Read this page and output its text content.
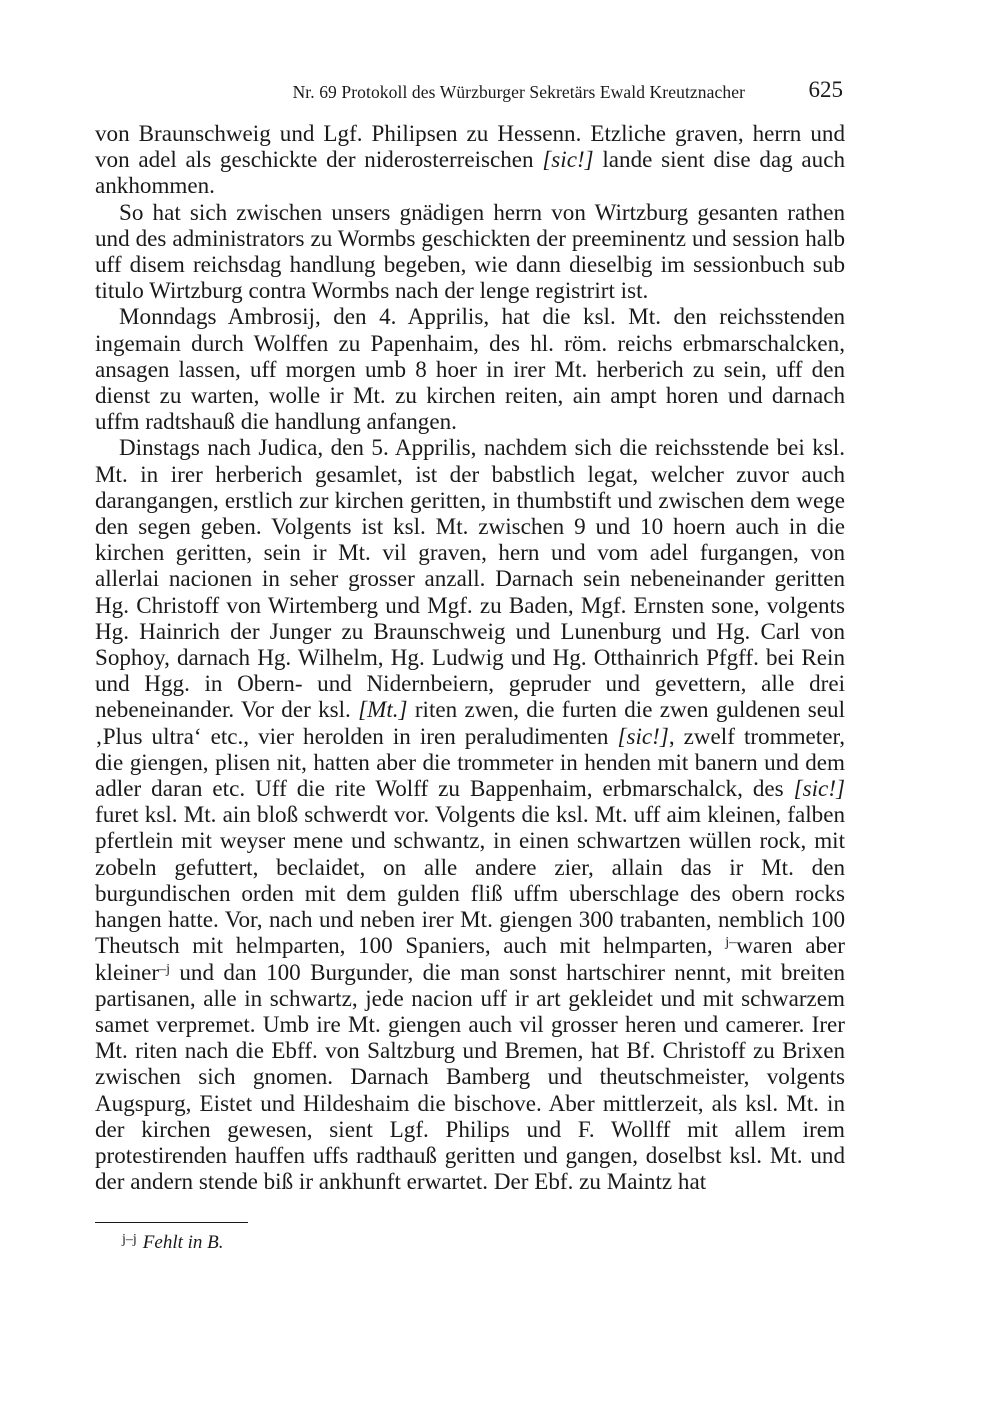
Nr. 69 Protokoll des Würzburger Sekretärs Ewald Kreutznacher	625

von Braunschweig und Lgf. Philipsen zu Hessenn. Etzliche graven, herrn und von adel als geschickte der niderosterreischen [sic!] lande sient dise dag auch ankhommen.

So hat sich zwischen unsers gnädigen herrn von Wirtzburg gesanten rathen und des administrators zu Wormbs geschickten der preeminentz und session halb uff disem reichsdag handlung begeben, wie dann dieselbig im sessionbuch sub titulo Wirtzburg contra Wormbs nach der lenge registrirt ist.

Monndags Ambrosij, den 4. Apprilis, hat die ksl. Mt. den reichsstenden ingemain durch Wolffen zu Papenhaim, des hl. röm. reichs erbmarschalcken, ansagen lassen, uff morgen umb 8 hoer in irer Mt. herberich zu sein, uff den dienst zu warten, wolle ir Mt. zu kirchen reiten, ain ampt horen und darnach uffm radtshauß die handlung anfangen.

Dinstags nach Judica, den 5. Apprilis, nachdem sich die reichsstende bei ksl. Mt. in irer herberich gesamlet, ist der babstlich legat, welcher zuvor auch darangangen, erstlich zur kirchen geritten, in thumbstift und zwischen dem wege den segen geben. Volgents ist ksl. Mt. zwischen 9 und 10 hoern auch in die kirchen geritten, sein ir Mt. vil graven, hern und vom adel furgangen, von allerlai nacionen in seher grosser anzall. Darnach sein nebeneinander geritten Hg. Christoff von Wirtemberg und Mgf. zu Baden, Mgf. Ernsten sone, volgents Hg. Hainrich der Junger zu Braunschweig und Lunenburg und Hg. Carl von Sophoy, darnach Hg. Wilhelm, Hg. Ludwig und Hg. Otthainrich Pfgff. bei Rein und Hgg. in Obern- und Nidernbeiern, gepruder und gevettern, alle drei nebeneinander. Vor der ksl. [Mt.] riten zwen, die furten die zwen guldenen seul ‚Plus ultra‘ etc., vier herolden in iren peraludimenten [sic!], zwelf trommeter, die giengen, plisen nit, hatten aber die trommeter in henden mit banern und dem adler daran etc. Uff die rite Wolff zu Bappenhaim, erbmarschalck, des [sic!] furet ksl. Mt. ain bloß schwerdt vor. Volgents die ksl. Mt. uff aim kleinen, falben pfertlein mit weyser mene und schwantz, in einen schwartzen wüllen rock, mit zobeln gefuttert, beclaidet, on alle andere zier, allain das ir Mt. den burgundischen orden mit dem gulden fliß uffm uberschlage des obern rocks hangen hatte. Vor, nach und neben irer Mt. giengen 300 trabanten, nemblich 100 Theutsch mit helmparten, 100 Spaniers, auch mit helmparten, $^{j-}$waren aber kleiner$^{-j}$ und dan 100 Burgunder, die man sonst hartschirer nennt, mit breiten partisanen, alle in schwartz, jede nacion uff ir art gekleidet und mit schwarzem samet verpremet. Umb ire Mt. giengen auch vil grosser heren und camerer. Irer Mt. riten nach die Ebff. von Saltzburg und Bremen, hat Bf. Christoff zu Brixen zwischen sich gnomen. Darnach Bamberg und theutschmeister, volgents Augspurg, Eistet und Hildeshaim die bischove. Aber mittlerzeit, als ksl. Mt. in der kirchen gewesen, sient Lgf. Philips und F. Wollff mit allem irem protestirenden hauffen uffs radthauß geritten und gangen, doselbst ksl. Mt. und der andern stende biß ir ankhunft erwartet. Der Ebf. zu Maintz hat

$^{j-j}$ Fehlt in B.
